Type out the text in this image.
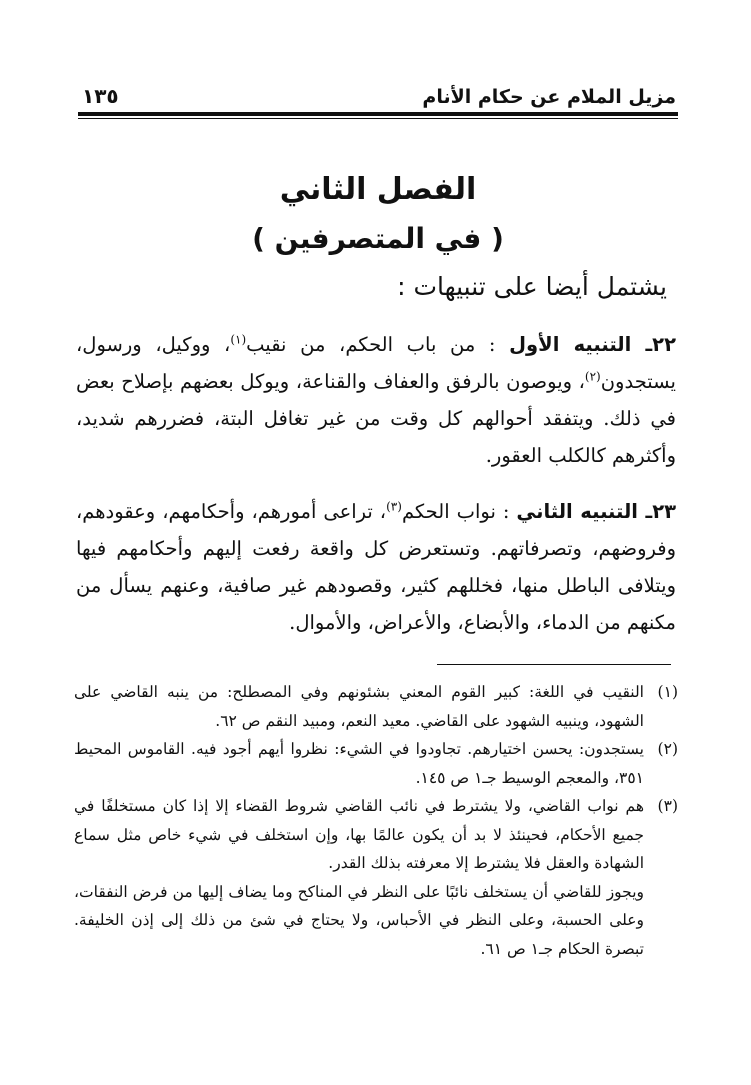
مزيل الملام عن حكام الأنام
١٣٥
الفصل الثاني
( في المتصرفين )
يشتمل أيضا على تنبيهات :
٢٢ـ التنبيه الأول : من باب الحكم، من نقيب$^{(١)}$، ووكيل، ورسول، يستجدون$^{(٢)}$، ويوصون بالرفق والعفاف والقناعة، ويوكل بعضهم بإصلاح بعض في ذلك. ويتفقد أحوالهم كل وقت من غير تغافل البتة، فضررهم شديد، وأكثرهم كالكلب العقور.
٢٣ـ التنبيه الثاني : نواب الحكم$^{(٣)}$، تراعى أمورهم، وأحكامهم، وعقودهم، وفروضهم، وتصرفاتهم. وتستعرض كل واقعة رفعت إليهم وأحكامهم فيها ويتلافى الباطل منها، فخللهم كثير، وقصودهم غير صافية، وعنهم يسأل من مكنهم من الدماء، والأبضاع، والأعراض، والأموال.
(١)
النقيب في اللغة: كبير القوم المعني بشئونهم وفي المصطلح: من ينبه القاضي على الشهود، وينبيه الشهود على القاضي. معيد النعم، ومبيد النقم ص ٦٢.
(٢)
يستجدون: يحسن اختيارهم. تجاودوا في الشيء: نظروا أيهم أجود فيه. القاموس المحيط ٣٥١، والمعجم الوسيط جـ١ ص ١٤٥.
(٣)
هم نواب القاضي، ولا يشترط في نائب القاضي شروط القضاء إلا إذا كان مستخلفًا في جميع الأحكام، فحينئذ لا بد أن يكون عالمًا بها، وإن استخلف في شيء خاص مثل سماع الشهادة والعقل فلا يشترط إلا معرفته بذلك القدر.
ويجوز للقاضي أن يستخلف نائبًا على النظر في المناكح وما يضاف إليها من فرض النفقات، وعلى الحسبة، وعلى النظر في الأحباس، ولا يحتاج في شئ من ذلك إلى إذن الخليفة. تبصرة الحكام جـ١ ص ٦١.
